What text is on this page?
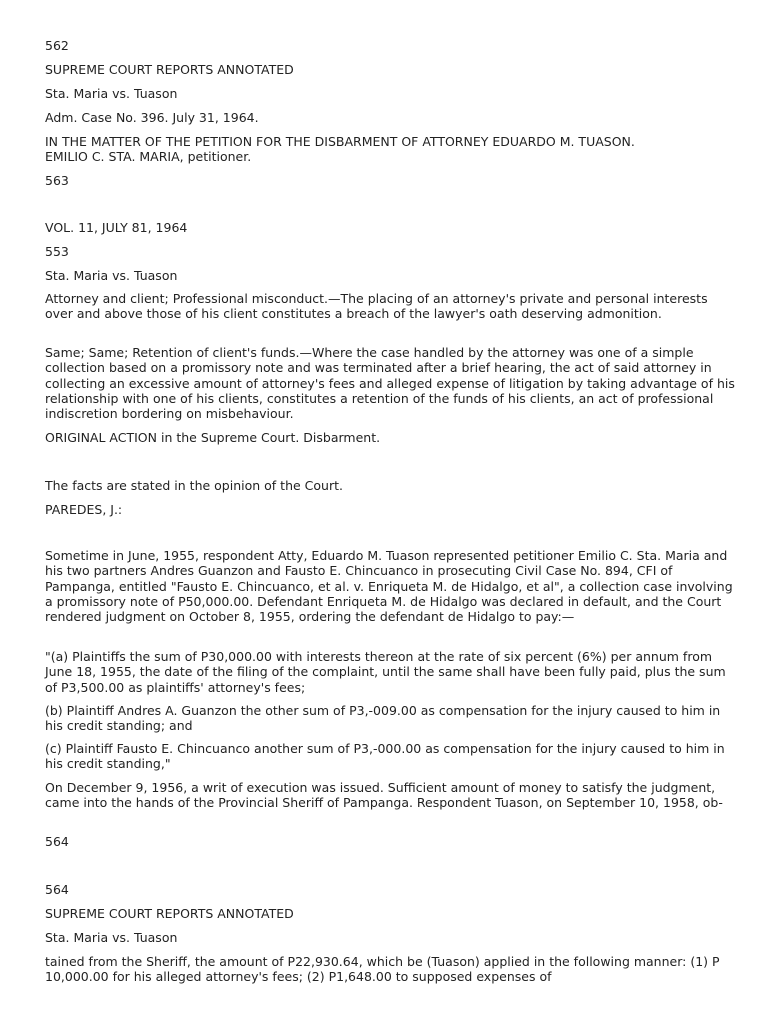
562
SUPREME COURT REPORTS ANNOTATED
Sta. Maria vs. Tuason
Adm. Case No. 396. July 31, 1964.
IN THE MATTER OF THE PETITION FOR THE DISBARMENT OF ATTORNEY EDUARDO M. TUASON.
EMILIO C. STA. MARIA, petitioner.
563
VOL. 11, JULY 81, 1964
553
Sta. Maria vs. Tuason
Attorney and client; Professional misconduct.—The placing of an attorney's private and personal interests over and above those of his client constitutes a breach of the lawyer's oath deserving admonition.
Same; Same; Retention of client's funds.—Where the case handled by the attorney was one of a simple collection based on a promissory note and was terminated after a brief hearing, the act of said attorney in collecting an excessive amount of attorney's fees and alleged expense of litigation by taking advantage of his relationship with one of his clients, constitutes a retention of the funds of his clients, an act of professional indiscretion bordering on misbehaviour.
ORIGINAL ACTION in the Supreme Court. Disbarment.
The facts are stated in the opinion of the Court.
PAREDES, J.:
Sometime in June, 1955, respondent Atty, Eduardo M. Tuason represented petitioner Emilio C. Sta. Maria and his two partners Andres Guanzon and Fausto E. Chincuanco in prosecuting Civil Case No. 894, CFI of Pampanga, entitled "Fausto E. Chincuanco, et al. v. Enriqueta M. de Hidalgo, et al", a collection case involving a promissory note of P50,000.00. Defendant Enriqueta M. de Hidalgo was declared in default, and the Court rendered judgment on October 8, 1955, ordering the defendant de Hidalgo to pay:—
"(a) Plaintiffs the sum of P30,000.00 with interests thereon at the rate of six percent (6%) per annum from June 18, 1955, the date of the filing of the complaint, until the same shall have been fully paid, plus the sum of P3,500.00 as plaintiffs' attorney's fees;
(b) Plaintiff Andres A. Guanzon the other sum of P3,-009.00 as compensation for the injury caused to him in his credit standing; and
(c) Plaintiff Fausto E. Chincuanco another sum of P3,-000.00 as compensation for the injury caused to him in his credit standing,"
On December 9, 1956, a writ of execution was issued. Sufficient amount of money to satisfy the judgment, came into the hands of the Provincial Sheriff of Pampanga. Respondent Tuason, on September 10, 1958, ob-
564
564
SUPREME COURT REPORTS ANNOTATED
Sta. Maria vs. Tuason
tained from the Sheriff, the amount of P22,930.64, which be (Tuason) applied in the following manner: (1) P 10,000.00 for his alleged attorney's fees; (2) P1,648.00 to supposed expenses of
